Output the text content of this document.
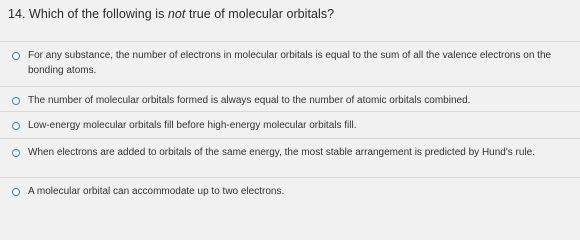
14. Which of the following is not true of molecular orbitals?
For any substance, the number of electrons in molecular orbitals is equal to the sum of all the valence electrons on the bonding atoms.
The number of molecular orbitals formed is always equal to the number of atomic orbitals combined.
Low-energy molecular orbitals fill before high-energy molecular orbitals fill.
When electrons are added to orbitals of the same energy, the most stable arrangement is predicted by Hund's rule.
A molecular orbital can accommodate up to two electrons.
